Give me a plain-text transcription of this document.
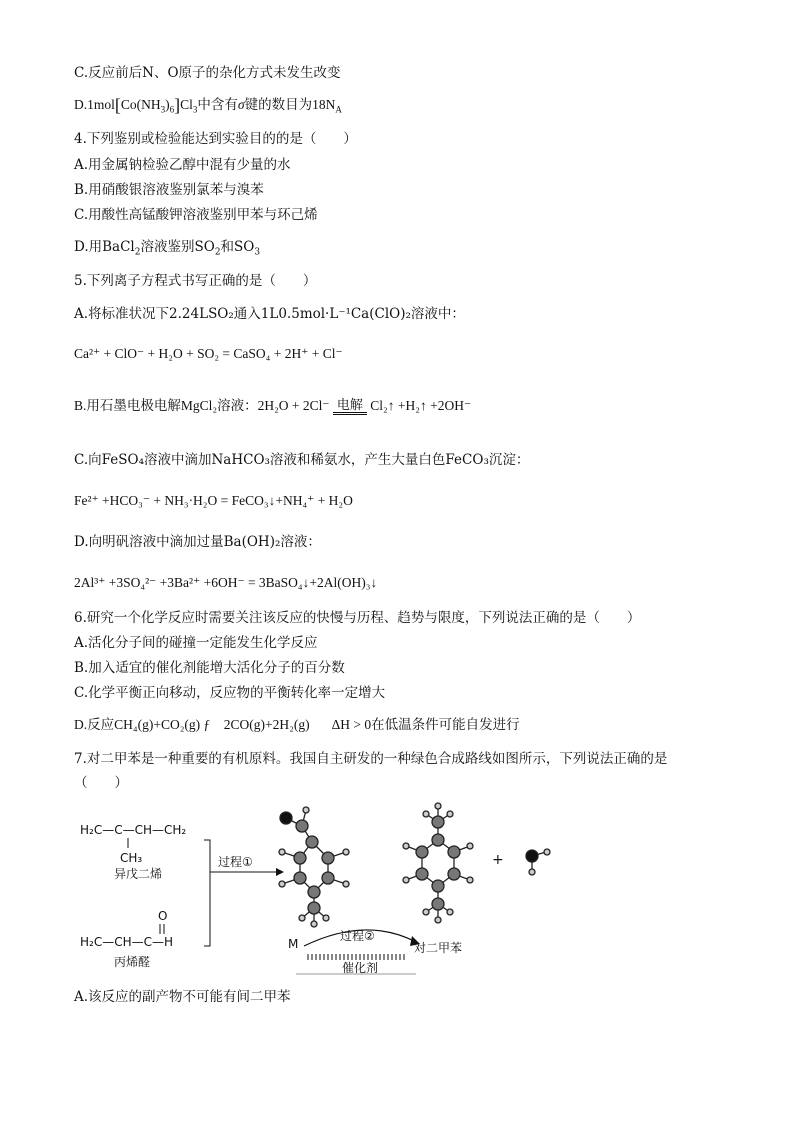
C.反应前后N、O原子的杂化方式未发生改变
$D.1mol[Co(NH_3)_6]Cl_3$中含有σ键的数目为$18N_A$
4.下列鉴别或检验能达到实验目的的是（　　）
A.用金属钠检验乙醇中混有少量的水
B.用硝酸银溶液鉴别氯苯与溴苯
C.用酸性高锰酸钾溶液鉴别甲苯与环己烯
D.用BaCl$_2$溶液鉴别$SO_2$和$SO_3$
5.下列离子方程式书写正确的是（　　）
A.将标准状况下2.24LSO₂通入1L0.5mol·L⁻¹Ca(ClO)₂溶液中：
Ca²⁺ + ClO⁻ + H₂O + SO₂ = CaSO₄ + 2H⁺ + Cl⁻
B.用石墨电极电解MgCl₂溶液：2H₂O + 2Cl⁻ 电解 Cl₂↑ +H₂↑ +2OH⁻
C.向FeSO₄溶液中滴加NaHCO₃溶液和稀氨水，产生大量白色FeCO₃沉淀：
Fe²⁺ +HCO₃⁻ + NH₃·H₂O = FeCO₃↓+NH₄⁺ + H₂O
D.向明矾溶液中滴加过量Ba(OH)₂溶液：
2Al³⁺ +3SO₄²⁻ +3Ba²⁺ +6OH⁻ = 3BaSO₄↓+2Al(OH)₃↓
6.研究一个化学反应时需要关注该反应的快慢与历程、趋势与限度，下列说法正确的是（　　）
A.活化分子间的碰撞一定能发生化学反应
B.加入适宜的催化剂能增大活化分子的百分数
C.化学平衡正向移动，反应物的平衡转化率一定增大
D.反应CH₄(g)+CO₂(g) ƒ　2CO(g)+2H₂(g) ΔH > 0在低温条件可能自发进行
7.对二甲苯是一种重要的有机原料。我国自主研发的一种绿色合成路线如图所示，下列说法正确的是
（　　）
H₂C—C—CH—CH₂
CH₃
异戊二烯
O
H₂C—CH—C—H
丙烯醛
过程①	+
M
过程②
对二甲苯
催化剂
A.该反应的副产物不可能有间二甲苯
